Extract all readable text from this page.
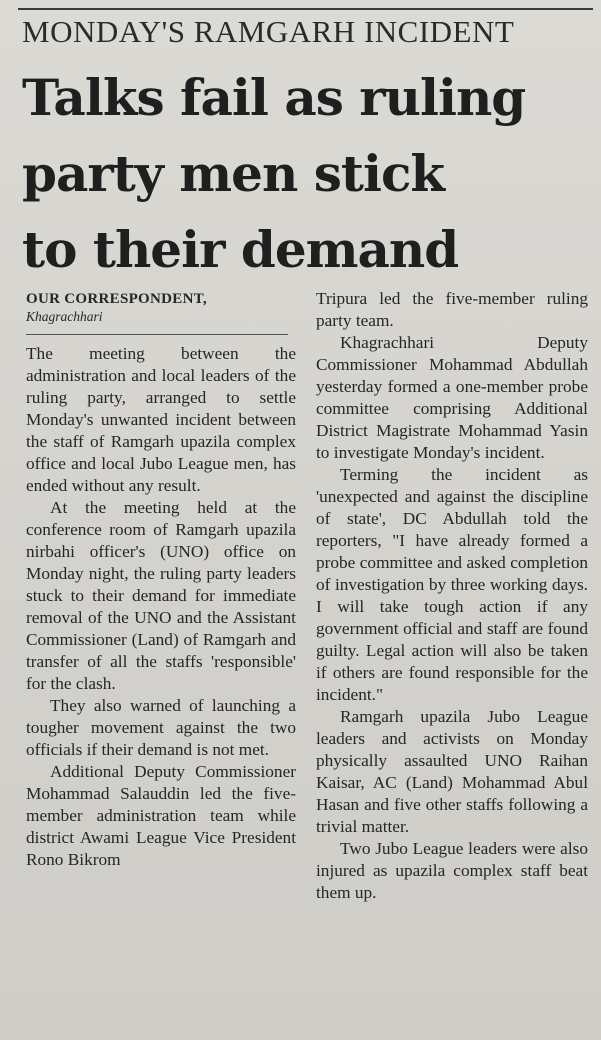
MONDAY'S RAMGARH INCIDENT
Talks fail as ruling
party men stick
to their demand

OUR CORRESPONDENT,

Khagrachhari

The meeting between the administration and local leaders of the ruling party, arranged to settle Monday's unwanted incident between the staff of Ramgarh upazila complex office and local Jubo League men, has ended without any result.

At the meeting held at the conference room of Ramgarh upazila nirbahi officer's (UNO) office on Monday night, the ruling party leaders stuck to their demand for immediate removal of the UNO and the Assistant Commissioner (Land) of Ramgarh and transfer of all the staffs 'responsible' for the clash.

They also warned of launching a tougher movement against the two officials if their demand is not met.

Additional Deputy Commissioner Mohammad Salauddin led the five-member administration team while district Awami League Vice President Rono Bikrom

Tripura led the five-member ruling party team.

Khagrachhari Deputy Commissioner Mohammad Abdullah yesterday formed a one-member probe committee comprising Additional District Magistrate Mohammad Yasin to investigate Monday's incident.

Terming the incident as 'unexpected and against the discipline of state', DC Abdullah told the reporters, "I have already formed a probe committee and asked completion of investigation by three working days. I will take tough action if any government official and staff are found guilty. Legal action will also be taken if others are found responsible for the incident."

Ramgarh upazila Jubo League leaders and activists on Monday physically assaulted UNO Raihan Kaisar, AC (Land) Mohammad Abul Hasan and five other staffs following a trivial matter.

Two Jubo League leaders were also injured as upazila complex staff beat them up.
